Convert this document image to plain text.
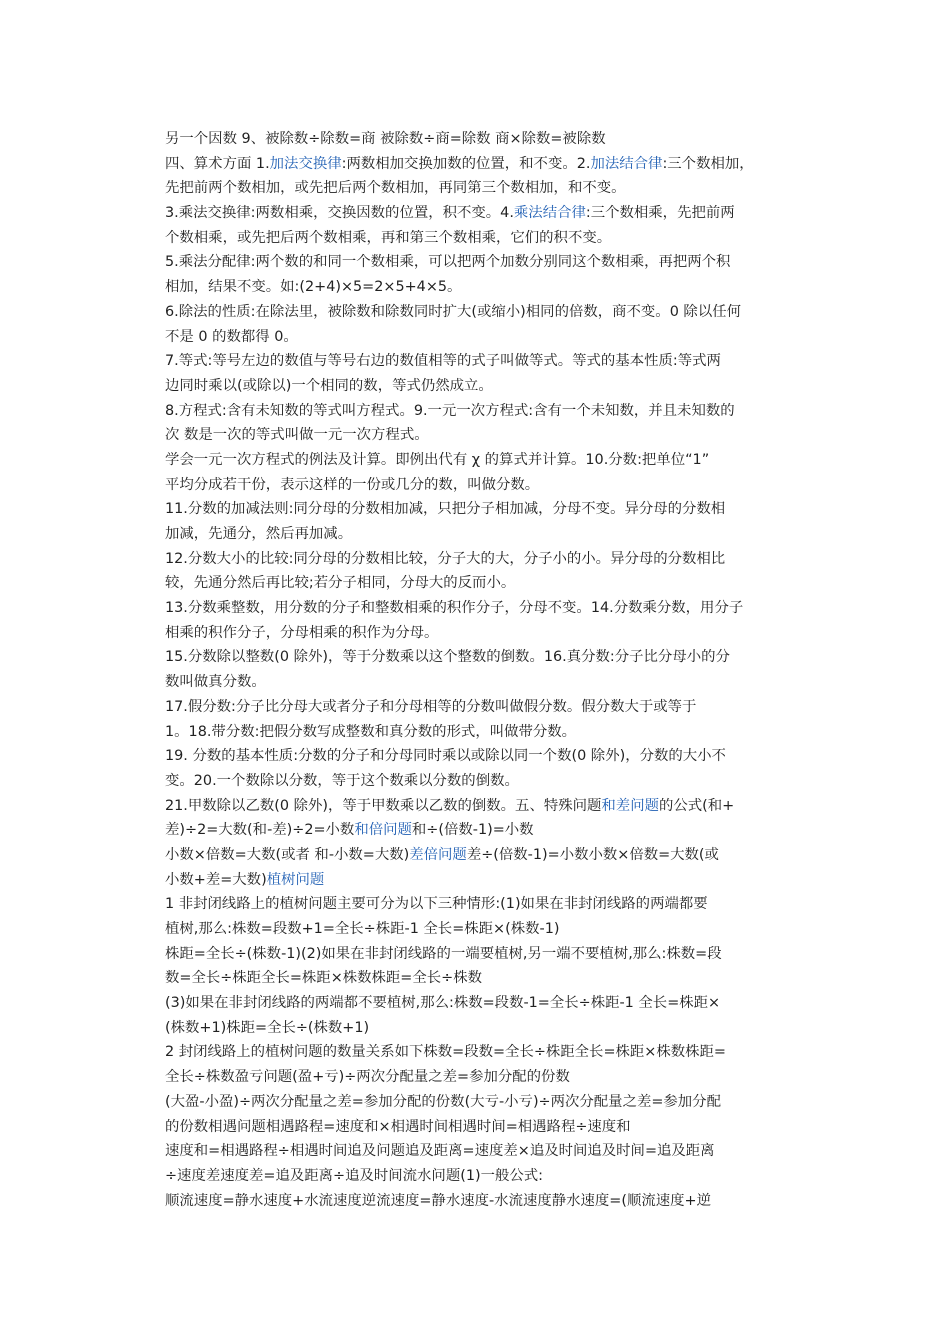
另一个因数 9、被除数÷除数=商 被除数÷商=除数 商×除数=被除数
四、算术方面 1.加法交换律:两数相加交换加数的位置，和不变。2.加法结合律:三个数相加，
先把前两个数相加，或先把后两个数相加，再同第三个数相加，和不变。
3.乘法交换律:两数相乘，交换因数的位置，积不变。4.乘法结合律:三个数相乘，先把前两
个数相乘，或先把后两个数相乘，再和第三个数相乘，它们的积不变。
5.乘法分配律:两个数的和同一个数相乘，可以把两个加数分别同这个数相乘，再把两个积
相加，结果不变。如:(2+4)×5=2×5+4×5。
6.除法的性质:在除法里，被除数和除数同时扩大(或缩小)相同的倍数，商不变。0 除以任何
不是 0 的数都得 0。
7.等式:等号左边的数值与等号右边的数值相等的式子叫做等式。等式的基本性质:等式两
边同时乘以(或除以)一个相同的数，等式仍然成立。
8.方程式:含有未知数的等式叫方程式。9.一元一次方程式:含有一个未知数，并且未知数的
次 数是一次的等式叫做一元一次方程式。
学会一元一次方程式的例法及计算。即例出代有 χ 的算式并计算。10.分数:把单位“1”
平均分成若干份，表示这样的一份或几分的数，叫做分数。
11.分数的加减法则:同分母的分数相加减，只把分子相加减，分母不变。异分母的分数相
加减，先通分，然后再加减。
12.分数大小的比较:同分母的分数相比较，分子大的大，分子小的小。异分母的分数相比
较，先通分然后再比较;若分子相同，分母大的反而小。
13.分数乘整数，用分数的分子和整数相乘的积作分子，分母不变。14.分数乘分数，用分子
相乘的积作分子，分母相乘的积作为分母。
15.分数除以整数(0 除外)，等于分数乘以这个整数的倒数。16.真分数:分子比分母小的分
数叫做真分数。
17.假分数:分子比分母大或者分子和分母相等的分数叫做假分数。假分数大于或等于
1。18.带分数:把假分数写成整数和真分数的形式，叫做带分数。
19. 分数的基本性质:分数的分子和分母同时乘以或除以同一个数(0 除外)，分数的大小不
变。20.一个数除以分数，等于这个数乘以分数的倒数。
21.甲数除以乙数(0 除外)，等于甲数乘以乙数的倒数。五、特殊问题和差问题的公式(和+
差)÷2=大数(和-差)÷2=小数和倍问题和÷(倍数-1)=小数
小数×倍数=大数(或者 和-小数=大数)差倍问题差÷(倍数-1)=小数小数×倍数=大数(或
小数+差=大数)植树问题
1 非封闭线路上的植树问题主要可分为以下三种情形:(1)如果在非封闭线路的两端都要
植树,那么:株数=段数+1=全长÷株距-1 全长=株距×(株数-1)
株距=全长÷(株数-1)(2)如果在非封闭线路的一端要植树,另一端不要植树,那么:株数=段
数=全长÷株距全长=株距×株数株距=全长÷株数
(3)如果在非封闭线路的两端都不要植树,那么:株数=段数-1=全长÷株距-1 全长=株距×
(株数+1)株距=全长÷(株数+1)
2 封闭线路上的植树问题的数量关系如下株数=段数=全长÷株距全长=株距×株数株距=
全长÷株数盈亏问题(盈+亏)÷两次分配量之差=参加分配的份数
(大盈-小盈)÷两次分配量之差=参加分配的份数(大亏-小亏)÷两次分配量之差=参加分配
的份数相遇问题相遇路程=速度和×相遇时间相遇时间=相遇路程÷速度和
速度和=相遇路程÷相遇时间追及问题追及距离=速度差×追及时间追及时间=追及距离
÷速度差速度差=追及距离÷追及时间流水问题(1)一般公式:
顺流速度=静水速度+水流速度逆流速度=静水速度-水流速度静水速度=(顺流速度+逆
